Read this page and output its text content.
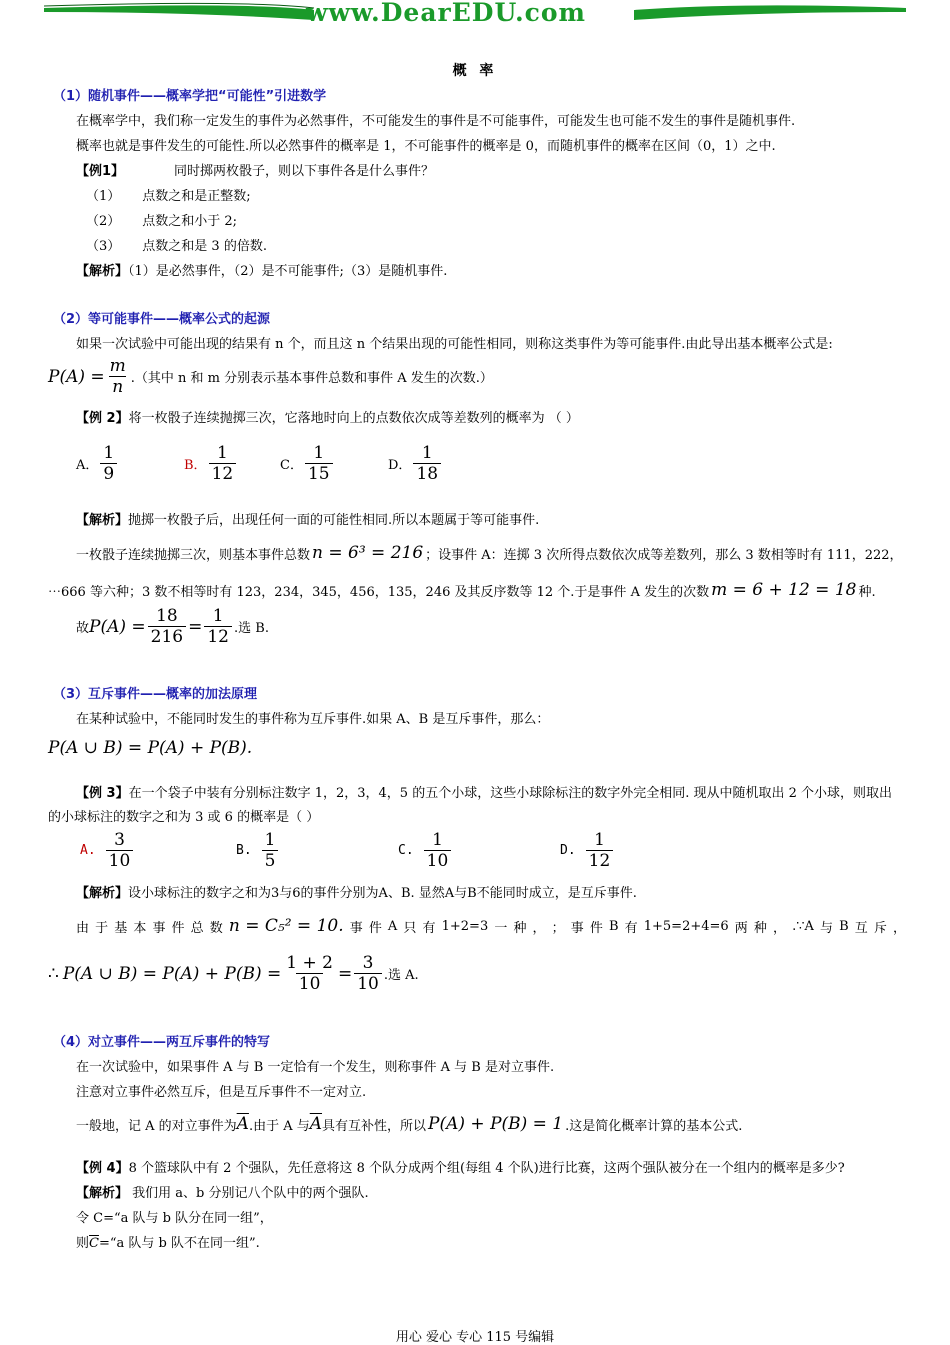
www.DearEDU.com
概 率
（1）随机事件——概率学把“可能性”引进数学
在概率学中，我们称一定发生的事件为必然事件，不可能发生的事件是不可能事件，可能发生也可能不发生的事件是随机事件.
概率也就是事件发生的可能性.所以必然事件的概率是 1，不可能事件的概率是 0，而随机事件的概率在区间（0，1）之中.
【例1】	同时掷两枚骰子，则以下事件各是什么事件？
（1） 点数之和是正整数;
（2） 点数之和小于 2;
（3） 点数之和是 3 的倍数.
【解析】（1）是必然事件，（2）是不可能事件;（3）是随机事件.
（2）等可能事件——概率公式的起源
如果一次试验中可能出现的结果有 n 个，而且这 n 个结果出现的可能性相同，则称这类事件为等可能事件.由此导出基本概率公式是:
$P(A) = \frac{m}{n}$ .（其中 n 和 m 分别表示基本事件总数和事件 A 发生的次数.）
【例 2】将一枚骰子连续抛掷三次，它落地时向上的点数依次成等差数列的概率为 （ ）
A． $\frac{1}{9}$	B． $\frac{1}{12}$	C． $\frac{1}{15}$	D． $\frac{1}{18}$
【解析】抛掷一枚骰子后，出现任何一面的可能性相同.所以本题属于等可能事件.
一枚骰子连续抛掷三次，则基本事件总数 n = 6³ = 216 ；设事件 A：连掷 3 次所得点数依次成等差数列，那么 3 数相等时有 111，222，
⋯666 等六种；3 数不相等时有 123，234，345，456，135，246 及其反序数等 12 个.于是事件 A 发生的次数 m = 6 + 12 = 18 种.
故 $P(A) = \frac{18}{216} = \frac{1}{12}$ .选 B.
（3）互斥事件——概率的加法原理
在某种试验中，不能同时发生的事件称为互斥事件.如果 A、B 是互斥事件，那么：
P(A ∪ B) = P(A) + P(B).
【例 3】在一个袋子中装有分别标注数字 1，2，3，4，5 的五个小球，这些小球除标注的数字外完全相同. 现从中随机取出 2 个小球，则取出
的小球标注的数字之和为 3 或 6 的概率是（ ）
A. $\frac{3}{10}$	B. $\frac{1}{5}$	C. $\frac{1}{10}$	D. $\frac{1}{12}$
【解析】设小球标注的数字之和为3与6的事件分别为A、B. 显然A与B不能同时成立，是互斥事件.
由 于 基 本 事 件 总 数 n = C₅² = 10. 事 件 A 只 有 1+2=3 一 种 ， ； 事 件 B 有 1+5=2+4=6 两 种 ， .∵A 与 B 互 斥 ，
∴ P(A ∪ $B) = P(A) + P(B) = \frac{1 + 2}{10} = \frac{3}{10}$ .选 A.
（4）对立事件——两互斥事件的特写
在一次试验中，如果事件 A 与 B 一定恰有一个发生，则称事件 A 与 B 是对立事件.
注意对立事件必然互斥，但是互斥事件不一定对立.
一般地，记 A 的对立事件为 $\overline{A}$ .由于 A 与 $\overline{A}$ 具有互补性，所以 P(A) + P(B) = 1 .这是简化概率计算的基本公式.
【例 4】8 个篮球队中有 2 个强队，先任意将这 8 个队分成两个组(每组 4 个队)进行比赛，这两个强队被分在一个组内的概率是多少?
【解析】 我们用 a、b 分别记八个队中的两个强队.
令 C=“a 队与 b 队分在同一组”，
则$\overline{C}=“a$ 队与 b 队不在同一组”.
用心 爱心 专心 115 号编辑
